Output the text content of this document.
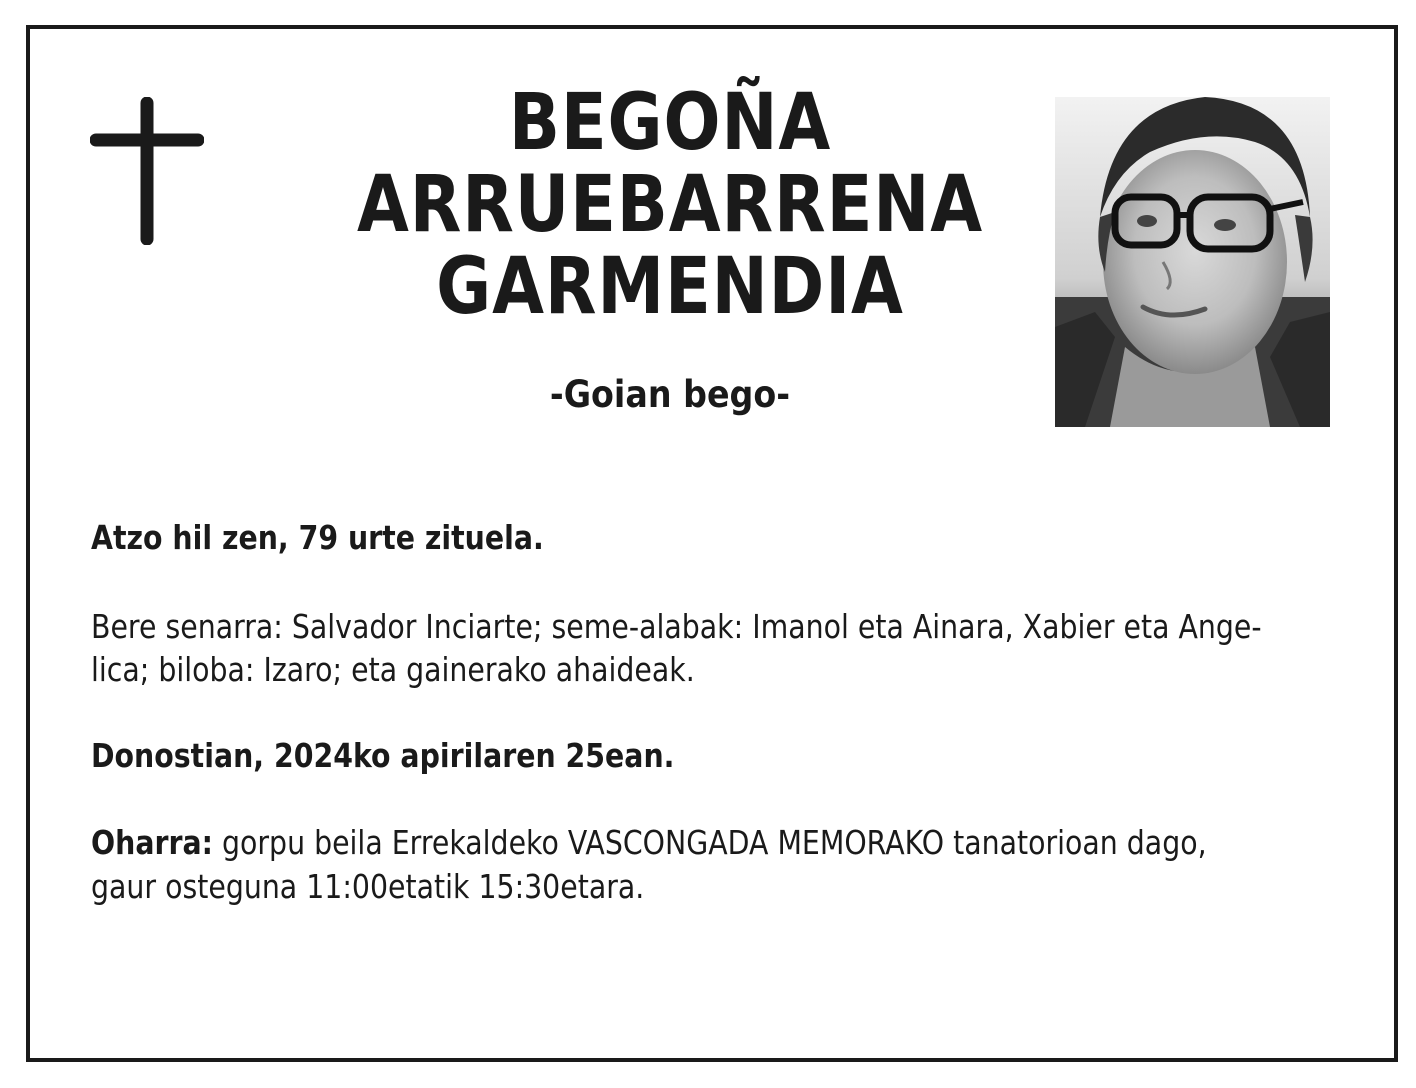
BEGOÑA
ARRUEBARRENA
GARMENDIA
-Goian bego-
Atzo hil zen, 79 urte zituela.
Bere senarra: Salvador Inciarte; seme-alabak: Imanol eta Ainara, Xabier eta Ange-
lica; biloba: Izaro; eta gainerako ahaideak.
Donostian, 2024ko apirilaren 25ean.
Oharra: gorpu beila Errekaldeko VASCONGADA MEMORAKO tanatorioan dago,
gaur osteguna 11:00etatik 15:30etara.
